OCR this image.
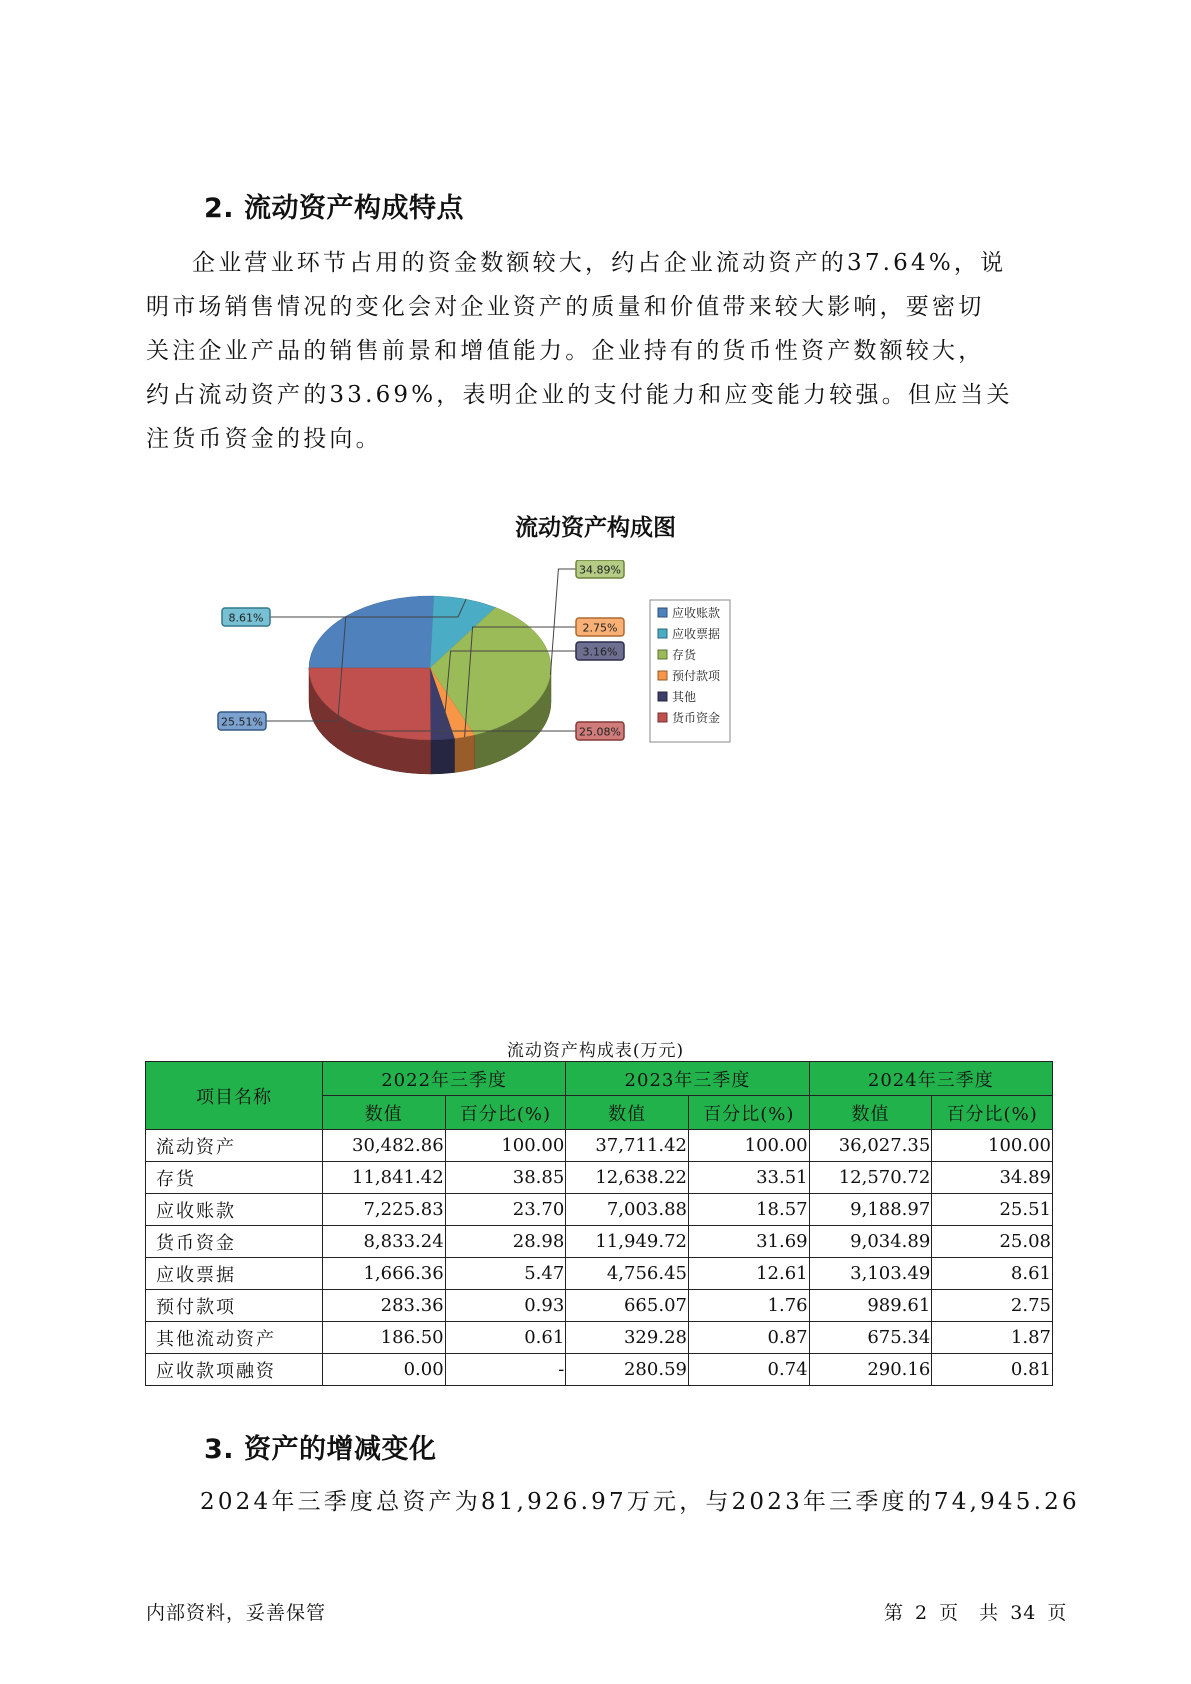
2. 流动资产构成特点
企业营业环节占用的资金数额较大，约占企业流动资产的37.64%，说
明市场销售情况的变化会对企业资产的质量和价值带来较大影响，要密切
关注企业产品的销售前景和增值能力。企业持有的货币性资产数额较大，
约占流动资产的33.69%，表明企业的支付能力和应变能力较强。但应当关
注货币资金的投向。
流动资产构成图
25.51%
8.61%
34.89%
2.75%
3.16%
25.08%
应收账款
应收票据
存货
预付款项
其他
货币资金
流动资产构成表(万元)
项目名称	2022年三季度		2023年三季度		2024年三季度	
	数值	百分比(%)	数值	百分比(%)	数值	百分比(%)
流动资产	30,482.86	100.00	37,711.42	100.00	36,027.35	100.00
存货	11,841.42	38.85	12,638.22	33.51	12,570.72	34.89
应收账款	7,225.83	23.70	7,003.88	18.57	9,188.97	25.51
货币资金	8,833.24	28.98	11,949.72	31.69	9,034.89	25.08
应收票据	1,666.36	5.47	4,756.45	12.61	3,103.49	8.61
预付款项	283.36	0.93	665.07	1.76	989.61	2.75
其他流动资产	186.50	0.61	329.28	0.87	675.34	1.87
应收款项融资	0.00	-	280.59	0.74	290.16	0.81
3. 资产的增减变化
2024年三季度总资产为81,926.97万元，与2023年三季度的74,945.26
内部资料，妥善保管	第 2 页　共 34 页
